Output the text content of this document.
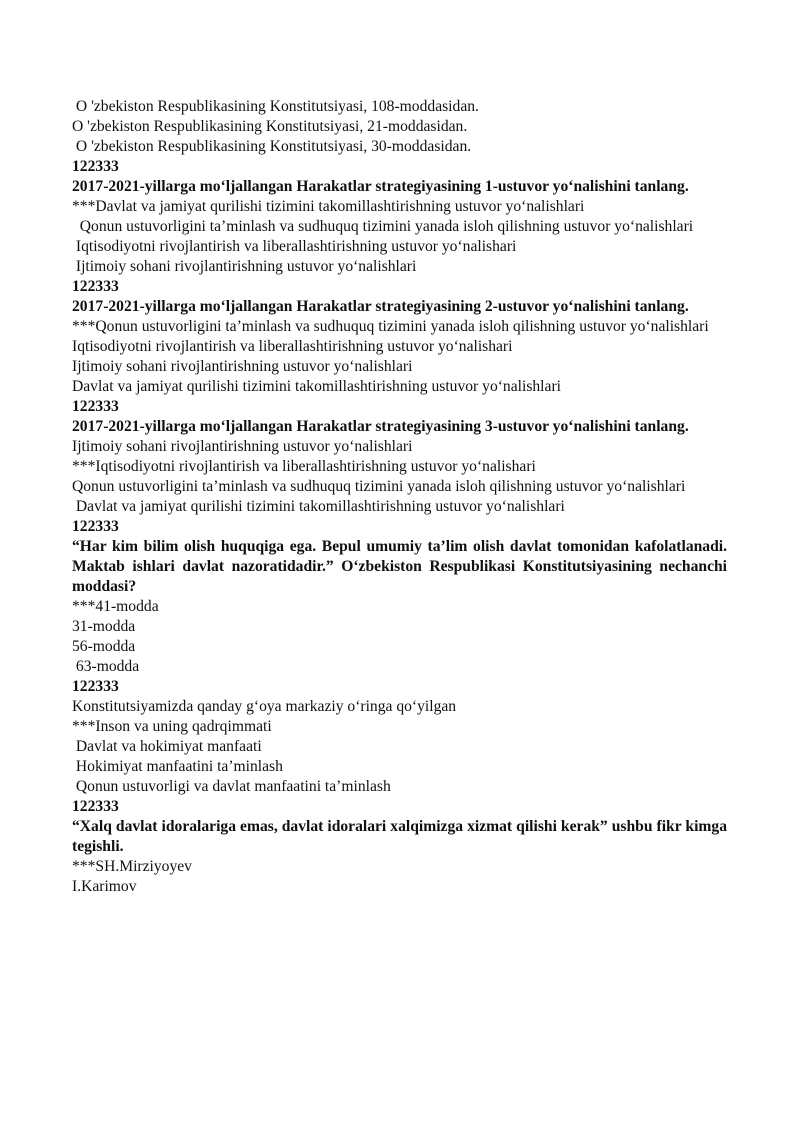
O 'zbekiston Respublikasining Konstitutsiyasi, 108-moddasidan.

O 'zbekiston Respublikasining Konstitutsiyasi, 21-moddasidan.

O 'zbekiston Respublikasining Konstitutsiyasi, 30-moddasidan.

122333

2017-2021-yillarga moʻljallangan Harakatlar strategiyasining 1-ustuvor yoʻnalishini tanlang.

***Davlat va jamiyat qurilishi tizimini takomillashtirishning ustuvor yoʻnalishlari

Qonun ustuvorligini taʼminlash va sudhuquq tizimini yanada isloh qilishning ustuvor yoʻnalishlari

Iqtisodiyotni rivojlantirish va liberallashtirishning ustuvor yoʻnalishari

Ijtimoiy sohani rivojlantirishning ustuvor yoʻnalishlari

122333

2017-2021-yillarga moʻljallangan Harakatlar strategiyasining 2-ustuvor yoʻnalishini tanlang.

***Qonun ustuvorligini taʼminlash va sudhuquq tizimini yanada isloh qilishning ustuvor yoʻnalishlari

Iqtisodiyotni rivojlantirish va liberallashtirishning ustuvor yoʻnalishari

Ijtimoiy sohani rivojlantirishning ustuvor yoʻnalishlari

Davlat va jamiyat qurilishi tizimini takomillashtirishning ustuvor yoʻnalishlari

122333

2017-2021-yillarga moʻljallangan Harakatlar strategiyasining 3-ustuvor yoʻnalishini tanlang.

Ijtimoiy sohani rivojlantirishning ustuvor yoʻnalishlari

***Iqtisodiyotni rivojlantirish va liberallashtirishning ustuvor yoʻnalishari

Qonun ustuvorligini taʼminlash va sudhuquq tizimini yanada isloh qilishning ustuvor yoʻnalishlari

Davlat va jamiyat qurilishi tizimini takomillashtirishning ustuvor yoʻnalishlari

122333

“Har kim bilim olish huquqiga ega. Bepul umumiy taʼlim olish davlat tomonidan kafolatlanadi. Maktab ishlari davlat nazoratidadir.” Oʻzbekiston Respublikasi Konstitutsiyasining nechanchi moddasi?

***41-modda

31-modda

56-modda

63-modda

122333

Konstitutsiyamizda qanday gʻoya markaziy oʻringa qoʻyilgan

***Inson va uning qadrqimmati

Davlat va hokimiyat manfaati

Hokimiyat manfaatini taʼminlash

Qonun ustuvorligi va davlat manfaatini taʼminlash

122333

“Xalq davlat idoralariga emas, davlat idoralari xalqimizga xizmat qilishi kerak” ushbu fikr kimga tegishli.

***SH.Mirziyoyev

I.Karimov
